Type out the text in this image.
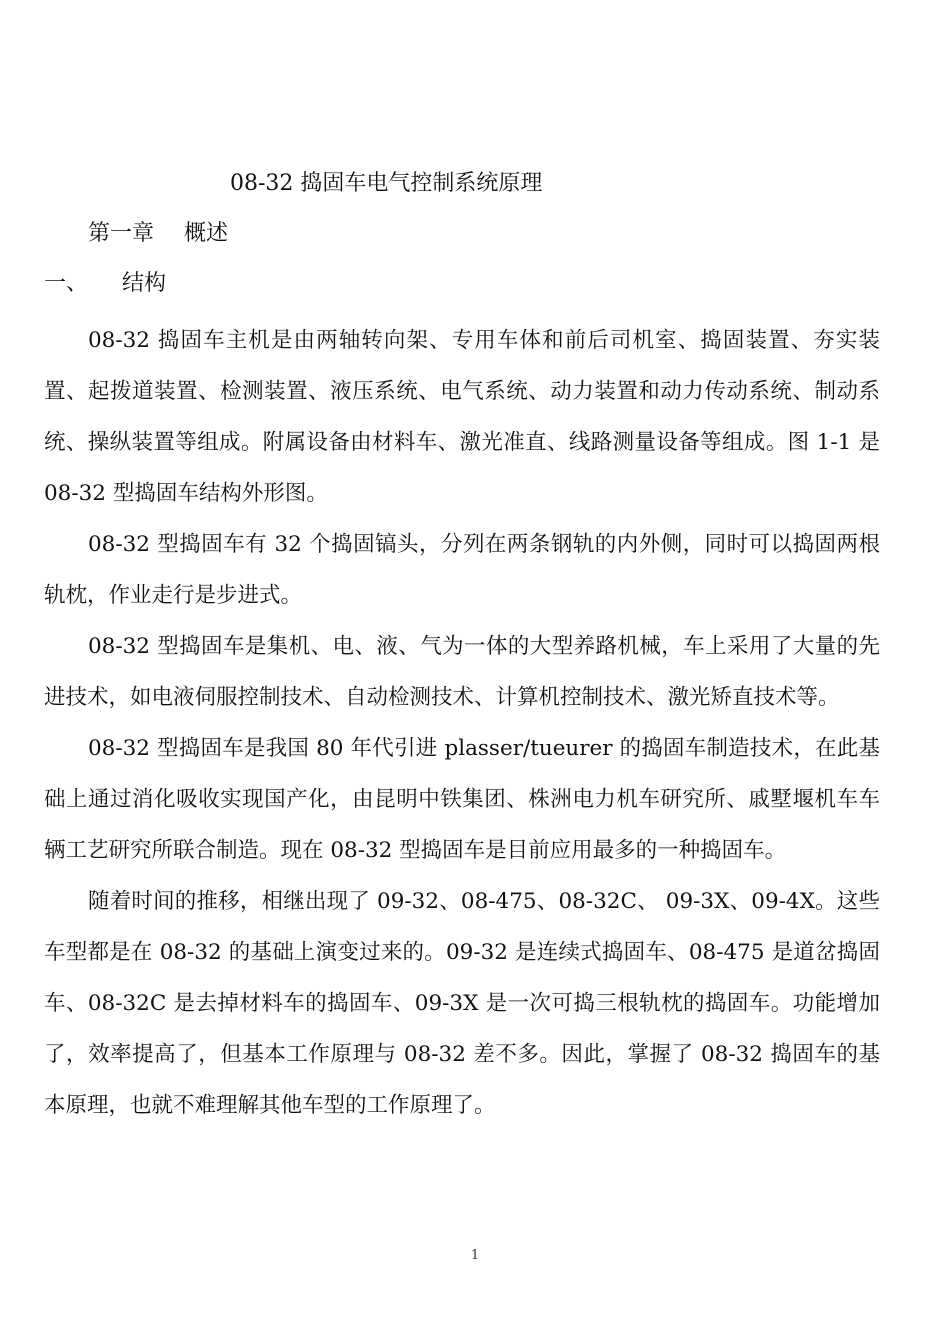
08-32 捣固车电气控制系统原理
第一章 概述
一、 结构

08-32 捣固车主机是由两轴转向架、专用车体和前后司机室、捣固装置、夯实装置、起拨道装置、检测装置、液压系统、电气系统、动力装置和动力传动系统、制动系统、操纵装置等组成。附属设备由材料车、激光准直、线路测量设备等组成。图 1-1 是 08-32 型捣固车结构外形图。

08-32 型捣固车有 32 个捣固镐头，分列在两条钢轨的内外侧，同时可以捣固两根轨枕，作业走行是步进式。

08-32 型捣固车是集机、电、液、气为一体的大型养路机械，车上采用了大量的先进技术，如电液伺服控制技术、自动检测技术、计算机控制技术、激光矫直技术等。

08-32 型捣固车是我国 80 年代引进 plasser/tueurer 的捣固车制造技术，在此基础上通过消化吸收实现国产化，由昆明中铁集团、株洲电力机车研究所、戚墅堰机车车辆工艺研究所联合制造。现在 08-32 型捣固车是目前应用最多的一种捣固车。

随着时间的推移，相继出现了 09-32、08-475、08-32C、 09-3X、09-4X。这些车型都是在 08-32 的基础上演变过来的。09-32 是连续式捣固车、08-475 是道岔捣固车、08-32C 是去掉材料车的捣固车、09-3X 是一次可捣三根轨枕的捣固车。功能增加了，效率提高了，但基本工作原理与 08-32 差不多。因此，掌握了 08-32 捣固车的基本原理，也就不难理解其他车型的工作原理了。

1
